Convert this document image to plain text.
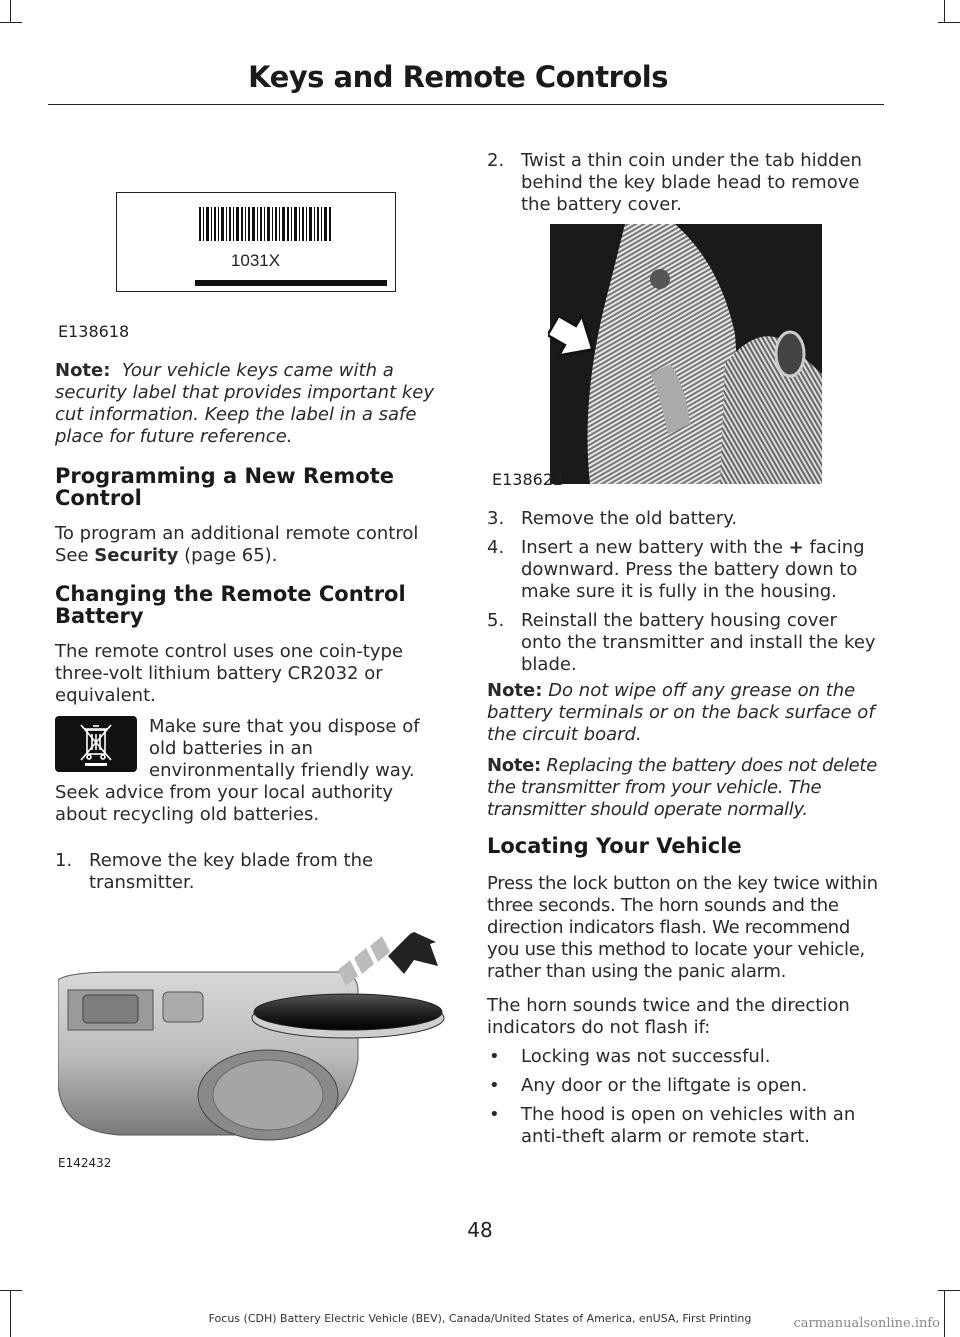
Keys and Remote Controls
1031X
E138618

Note: Your vehicle keys came with a security label that provides important key cut information. Keep the label in a safe place for future reference.

Programming a New Remote Control

To program an additional remote control See Security (page 65).

Changing the Remote Control Battery

The remote control uses one coin-type three-volt lithium battery CR2032 or equivalent.

Make sure that you dispose of old batteries in an environmentally friendly way. Seek advice from your local authority about recycling old batteries.

1. Remove the key blade from the transmitter.
E142432
2. Twist a thin coin under the tab hidden behind the key blade head to remove the battery cover.
E138622
3. Remove the old battery.
4. Insert a new battery with the + facing downward. Press the battery down to make sure it is fully in the housing.
5. Reinstall the battery housing cover onto the transmitter and install the key blade.

Note: Do not wipe off any grease on the battery terminals or on the back surface of the circuit board.

Note: Replacing the battery does not delete the transmitter from your vehicle. The transmitter should operate normally.

Locating Your Vehicle

Press the lock button on the key twice within three seconds. The horn sounds and the direction indicators flash. We recommend you use this method to locate your vehicle, rather than using the panic alarm.

The horn sounds twice and the direction indicators do not flash if:

• Locking was not successful.
• Any door or the liftgate is open.
• The hood is open on vehicles with an anti-theft alarm or remote start.
48
Focus (CDH) Battery Electric Vehicle (BEV), Canada/United States of America, enUSA, First Printing	carmanualsonline.info
